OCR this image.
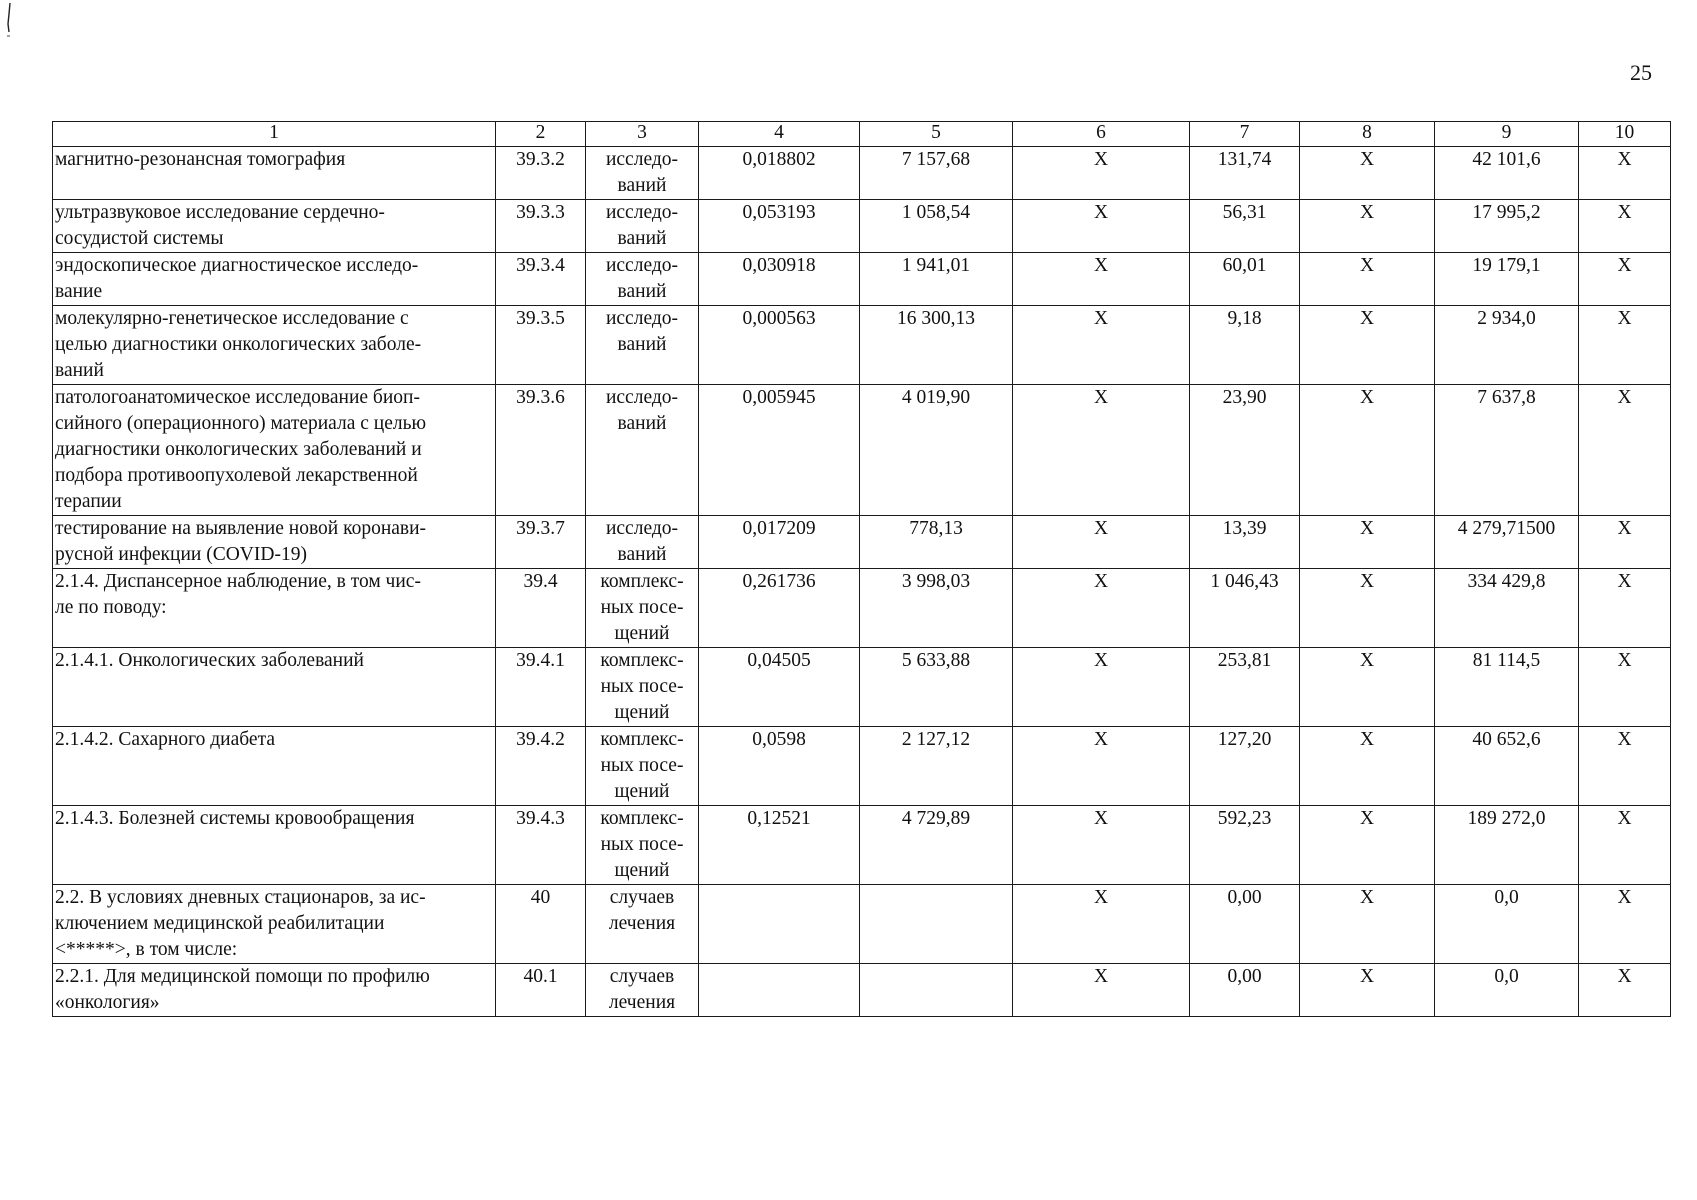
25
1	2	3	4	5	6	7	8	9	10
магнитно-резонансная томография	39.3.2	исследо-
ваний	0,018802	7 157,68	Х	131,74	Х	42 101,6	Х
ультразвуковое исследование сердечно-
сосудистой системы	39.3.3	исследо-
ваний	0,053193	1 058,54	Х	56,31	Х	17 995,2	Х
эндоскопическое диагностическое исследо-
вание	39.3.4	исследо-
ваний	0,030918	1 941,01	Х	60,01	Х	19 179,1	Х
молекулярно-генетическое исследование с
целью диагностики онкологических заболе-
ваний	39.3.5	исследо-
ваний	0,000563	16 300,13	Х	9,18	Х	2 934,0	Х
патологоанатомическое исследование биоп-
сийного (операционного) материала с целью
диагностики онкологических заболеваний и
подбора противоопухолевой лекарственной
терапии	39.3.6	исследо-
ваний	0,005945	4 019,90	Х	23,90	Х	7 637,8	Х
тестирование на выявление новой коронави-
русной инфекции (COVID-19)	39.3.7	исследо-
ваний	0,017209	778,13	Х	13,39	Х	4 279,71500	Х
2.1.4. Диспансерное наблюдение, в том чис-
ле по поводу:	39.4	комплекс-
ных посе-
щений	0,261736	3 998,03	Х	1 046,43	Х	334 429,8	Х
2.1.4.1. Онкологических заболеваний	39.4.1	комплекс-
ных посе-
щений	0,04505	5 633,88	Х	253,81	Х	81 114,5	Х
2.1.4.2. Сахарного диабета	39.4.2	комплекс-
ных посе-
щений	0,0598	2 127,12	Х	127,20	Х	40 652,6	Х
2.1.4.3. Болезней системы кровообращения	39.4.3	комплекс-
ных посе-
щений	0,12521	4 729,89	Х	592,23	Х	189 272,0	Х
2.2. В условиях дневных стационаров, за ис-
ключением медицинской реабилитации
<*****>, в том числе:	40	случаев
лечения			Х	0,00	Х	0,0	Х
2.2.1. Для медицинской помощи по профилю
«онкология»	40.1	случаев
лечения			Х	0,00	Х	0,0	Х
